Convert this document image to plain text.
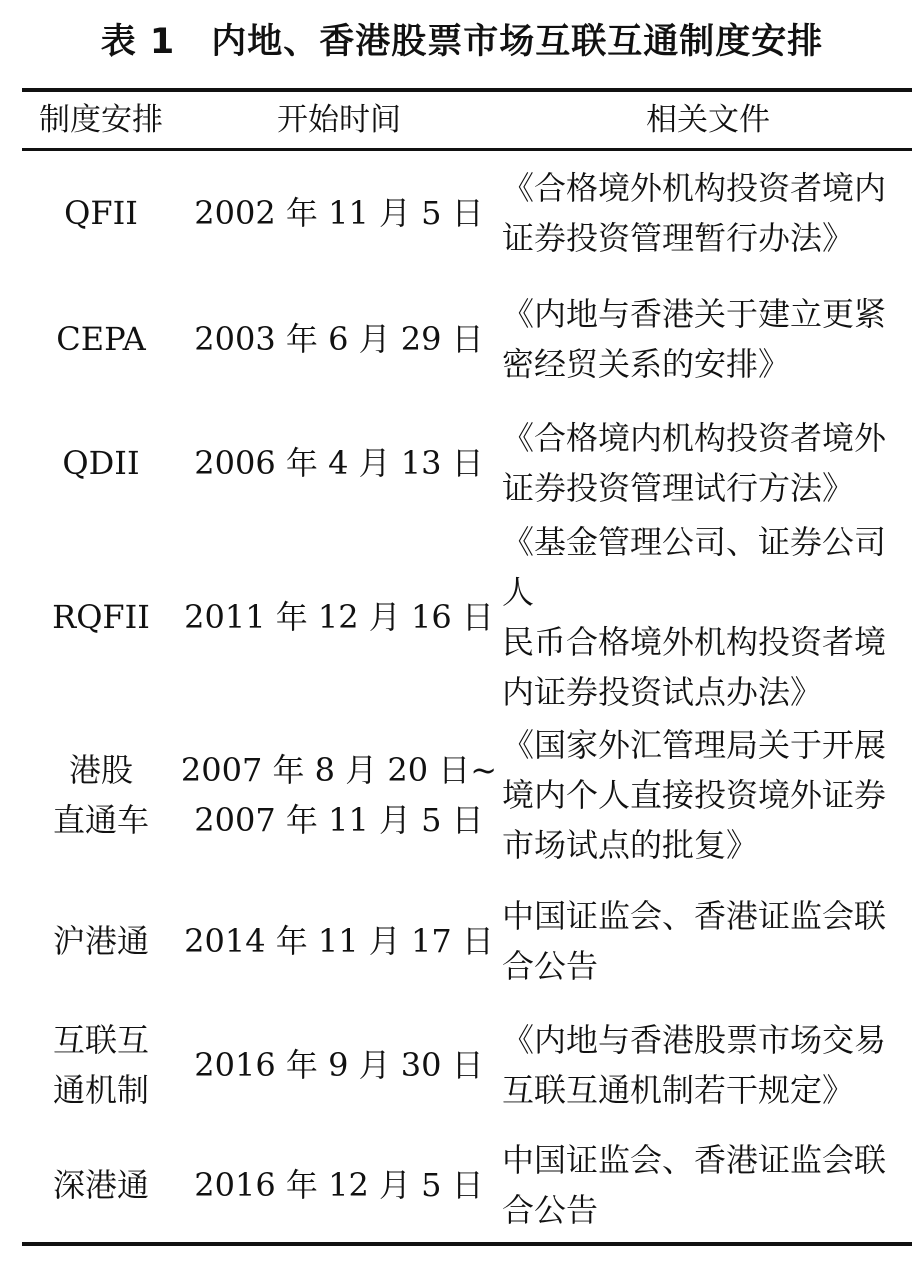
表 1 内地、香港股票市场互联互通制度安排
制度安排	开始时间	相关文件
QFII 2002 年 11 月 5 日
《合格境外机构投资者境内
证券投资管理暂行办法》
CEPA 2003 年 6 月 29 日
《内地与香港关于建立更紧
密经贸关系的安排》
QDII 2006 年 4 月 13 日
《合格境内机构投资者境外
证券投资管理试行方法》
RQFII 2011 年 12 月 16 日
《基金管理公司、证券公司人
民币合格境外机构投资者境
内证券投资试点办法》
港股
直通车
2007 年 8 月 20 日~
2007 年 11 月 5 日
《国家外汇管理局关于开展
境内个人直接投资境外证券
市场试点的批复》
沪港通 2014 年 11 月 17 日
中国证监会、香港证监会联
合公告
互联互
通机制
2016 年 9 月 30 日
《内地与香港股票市场交易
互联互通机制若干规定》
深港通 2016 年 12 月 5 日
中国证监会、香港证监会联
合公告
